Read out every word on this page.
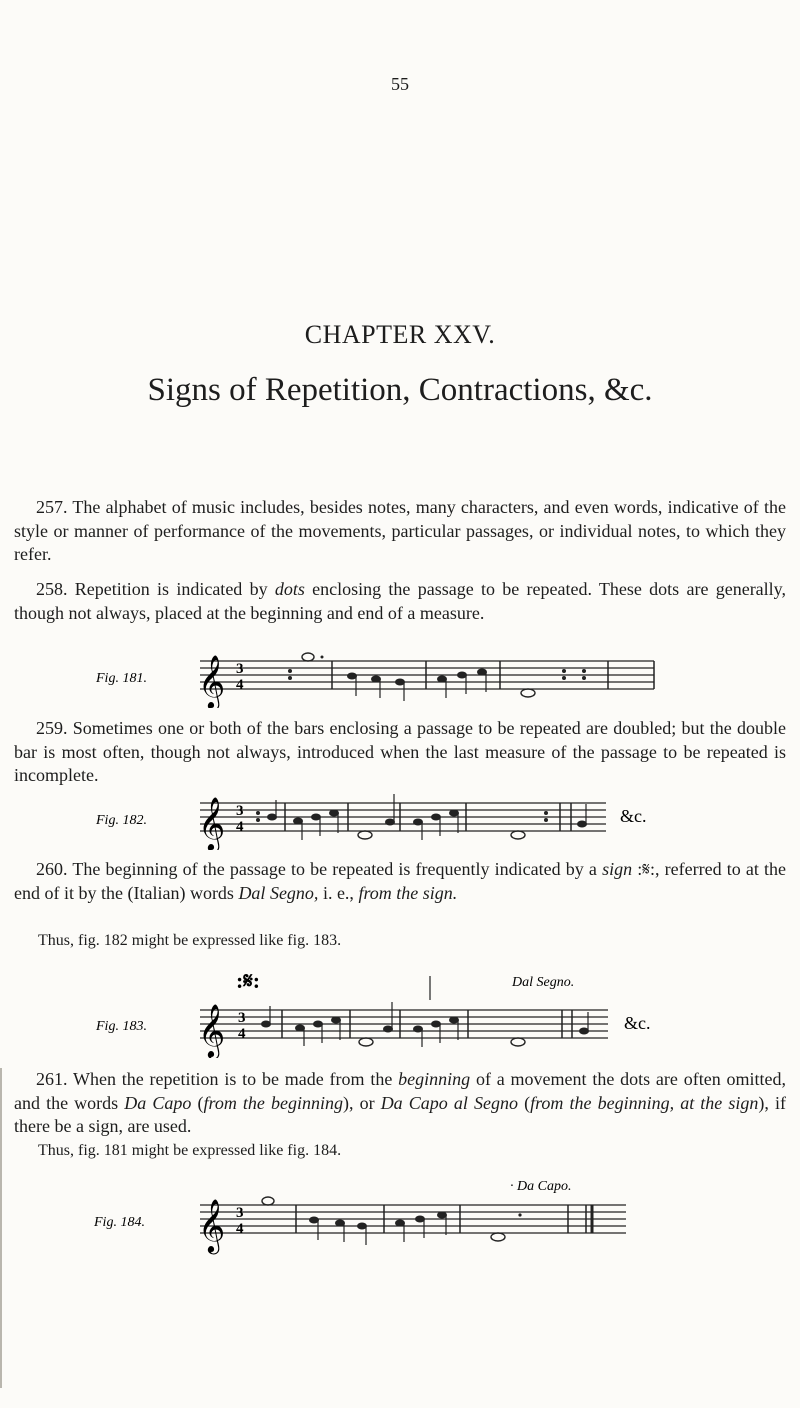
55
CHAPTER XXV.
Signs of Repetition, Contractions, &c.
257. The alphabet of music includes, besides notes, many characters, and even words, indicative of the style or manner of performance of the movements, particular passages, or individual notes, to which they refer.
258. Repetition is indicated by dots enclosing the passage to be repeated. These dots are generally, though not always, placed at the beginning and end of a measure.
Fig. 181. 𝄞 3
4
259. Sometimes one or both of the bars enclosing a passage to be repeated are doubled; but the double bar is most often, though not always, introduced when the last measure of the passage to be repeated is incomplete.
Fig. 182. 𝄞 3
4
&c.
260. The beginning of the passage to be repeated is frequently indicated by a sign :𝄋:, referred to at the end of it by the (Italian) words Dal Segno, i. e., from the sign.
Thus, fig. 182 might be expressed like fig. 183.
:𝄋:	Dal Segno.
Fig. 183. 𝄞 3
4
&c.
261. When the repetition is to be made from the beginning of a movement the dots are often omitted, and the words Da Capo (from the beginning), or Da Capo al Segno (from the beginning, at the sign), if there be a sign, are used.
Thus, fig. 181 might be expressed like fig. 184.
· Da Capo.
Fig. 184. 𝄞 3
4
